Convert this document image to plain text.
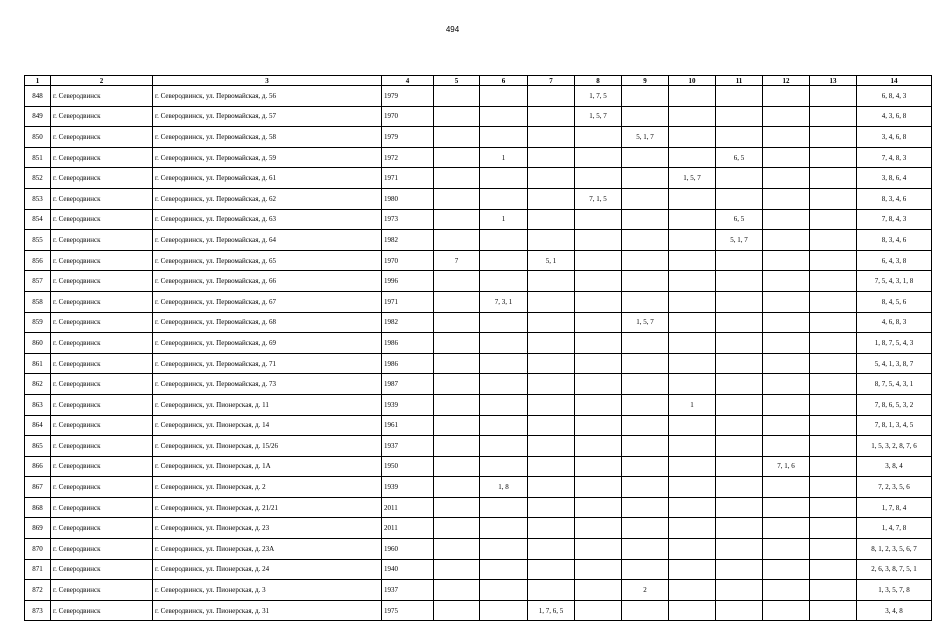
494
1	2	3	4	5	6	7	8	9	10	11	12	13	14
848	г. Северодвинск	г. Северодвинск, ул. Первомайская, д. 56	1979				1, 7, 5						6, 8, 4, 3
849	г. Северодвинск	г. Северодвинск, ул. Первомайская, д. 57	1970				1, 5, 7						4, 3, 6, 8
850	г. Северодвинск	г. Северодвинск, ул. Первомайская, д. 58	1979					5, 1, 7					3, 4, 6, 8
851	г. Северодвинск	г. Северодвинск, ул. Первомайская, д. 59	1972		1					6, 5			7, 4, 8, 3
852	г. Северодвинск	г. Северодвинск, ул. Первомайская, д. 61	1971						1, 5, 7				3, 8, 6, 4
853	г. Северодвинск	г. Северодвинск, ул. Первомайская, д. 62	1980				7, 1, 5						8, 3, 4, 6
854	г. Северодвинск	г. Северодвинск, ул. Первомайская, д. 63	1973		1					6, 5			7, 8, 4, 3
855	г. Северодвинск	г. Северодвинск, ул. Первомайская, д. 64	1982							5, 1, 7			8, 3, 4, 6
856	г. Северодвинск	г. Северодвинск, ул. Первомайская, д. 65	1970	7		5, 1							6, 4, 3, 8
857	г. Северодвинск	г. Северодвинск, ул. Первомайская, д. 66	1996										7, 5, 4, 3, 1, 8
858	г. Северодвинск	г. Северодвинск, ул. Первомайская, д. 67	1971		7, 3, 1								8, 4, 5, 6
859	г. Северодвинск	г. Северодвинск, ул. Первомайская, д. 68	1982					1, 5, 7					4, 6, 8, 3
860	г. Северодвинск	г. Северодвинск, ул. Первомайская, д. 69	1986										1, 8, 7, 5, 4, 3
861	г. Северодвинск	г. Северодвинск, ул. Первомайская, д. 71	1986										5, 4, 1, 3, 8, 7
862	г. Северодвинск	г. Северодвинск, ул. Первомайская, д. 73	1987										8, 7, 5, 4, 3, 1
863	г. Северодвинск	г. Северодвинск, ул. Пионерская, д. 11	1939						1				7, 8, 6, 5, 3, 2
864	г. Северодвинск	г. Северодвинск, ул. Пионерская, д. 14	1961										7, 8, 1, 3, 4, 5
865	г. Северодвинск	г. Северодвинск, ул. Пионерская, д. 15/26	1937										1, 5, 3, 2, 8, 7, 6
866	г. Северодвинск	г. Северодвинск, ул. Пионерская, д. 1А	1950								7, 1, 6		3, 8, 4
867	г. Северодвинск	г. Северодвинск, ул. Пионерская, д. 2	1939		1, 8								7, 2, 3, 5, 6
868	г. Северодвинск	г. Северодвинск, ул. Пионерская, д. 21/21	2011										1, 7, 8, 4
869	г. Северодвинск	г. Северодвинск, ул. Пионерская, д. 23	2011										1, 4, 7, 8
870	г. Северодвинск	г. Северодвинск, ул. Пионерская, д. 23А	1960										8, 1, 2, 3, 5, 6, 7
871	г. Северодвинск	г. Северодвинск, ул. Пионерская, д. 24	1940										2, 6, 3, 8, 7, 5, 1
872	г. Северодвинск	г. Северодвинск, ул. Пионерская, д. 3	1937					2					1, 3, 5, 7, 8
873	г. Северодвинск	г. Северодвинск, ул. Пионерская, д. 31	1975			1, 7, 6, 5							3, 4, 8
